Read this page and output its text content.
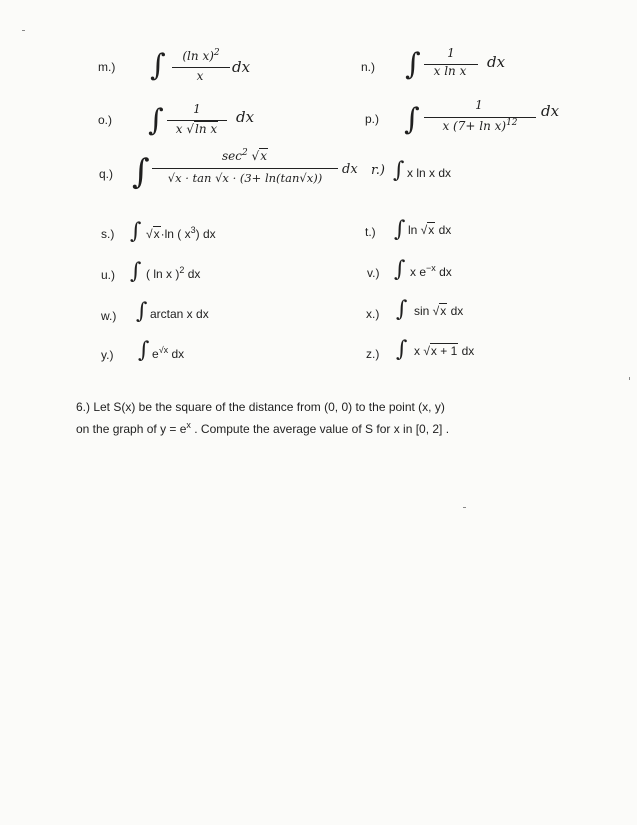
m.) ∫	(ln x)$^2$
x	dx	n.) ∫	1
x ln x	dx
o.) ∫	1
x √ln x
dx	p.) ∫	1
x $(7+ \ln x)^{12}$
dx
q.) ∫	$\sec^2 √x$
√x · tan √x · (3+ ln(tan√x))
dx r.) ∫ x ln x dx
s.) ∫ √x·ln ( $x^3$) dx	t.) ∫ ln √x dx
u.) ∫ ( ln x )$^2$ dx	v.) ∫ x $e^{-x}$ dx
w.) ∫ arctan x dx	x.) ∫ sin √x dx
y.) ∫ $e^{√x}$ dx	z.) ∫ x √x + 1 dx
6.) Let S(x) be the square of the distance from (0, 0) to the point (x, y)
on the graph of $y = e^x$ . Compute the average value of S for x in [0, 2] .
